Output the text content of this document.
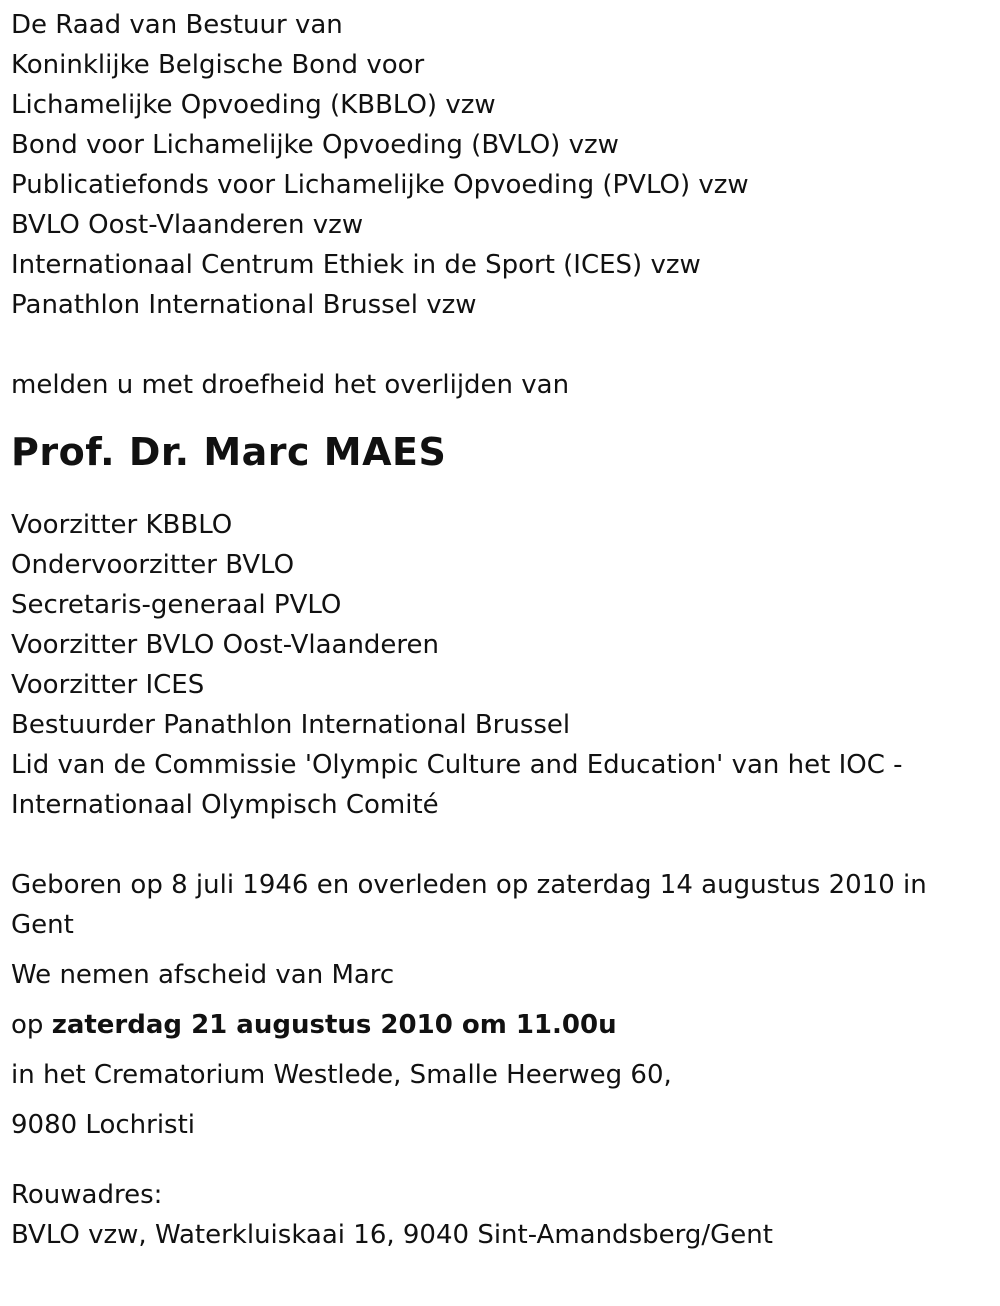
De Raad van Bestuur van

Koninklijke Belgische Bond voor

Lichamelijke Opvoeding (KBBLO) vzw

Bond voor Lichamelijke Opvoeding (BVLO) vzw

Publicatiefonds voor Lichamelijke Opvoeding (PVLO) vzw

BVLO Oost-Vlaanderen vzw

Internationaal Centrum Ethiek in de Sport (ICES) vzw

Panathlon International Brussel vzw

melden u met droefheid het overlijden van

Prof. Dr. Marc MAES

Voorzitter KBBLO

Ondervoorzitter BVLO

Secretaris-generaal PVLO

Voorzitter BVLO Oost-Vlaanderen

Voorzitter ICES

Bestuurder Panathlon International Brussel

Lid van de Commissie 'Olympic Culture and Education' van het IOC -

Internationaal Olympisch Comité

Geboren op 8 juli 1946 en overleden op zaterdag 14 augustus 2010 in Gent

We nemen afscheid van Marc

op zaterdag 21 augustus 2010 om 11.00u

in het Crematorium Westlede, Smalle Heerweg 60,

9080 Lochristi

Rouwadres:

BVLO vzw, Waterkluiskaai 16, 9040 Sint-Amandsberg/Gent
